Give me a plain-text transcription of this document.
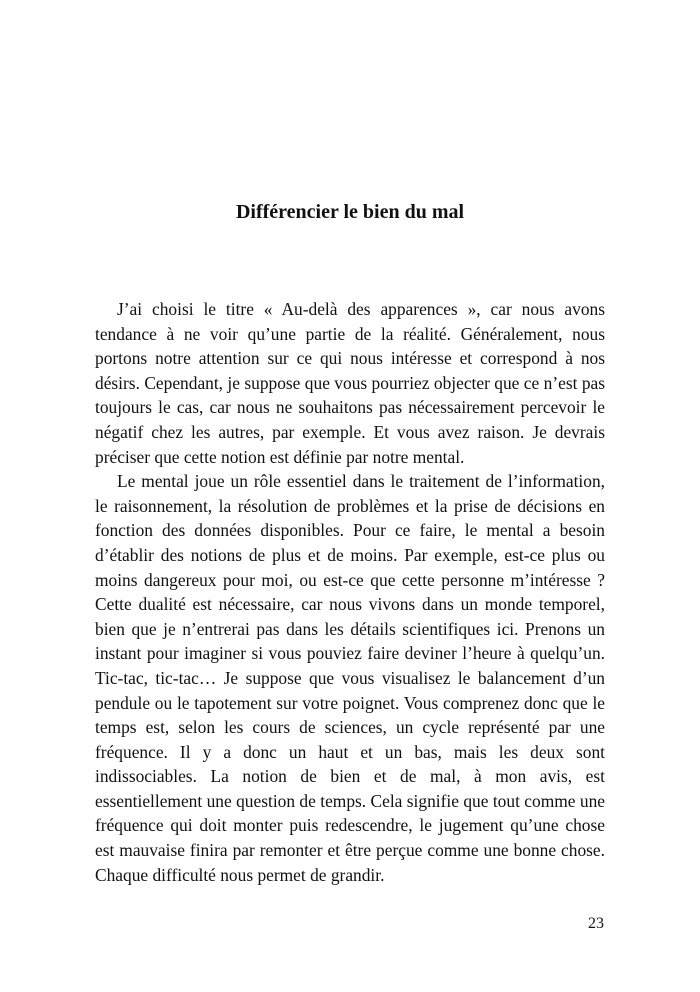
Différencier le bien du mal

J’ai choisi le titre « Au-delà des apparences », car nous avons tendance à ne voir qu’une partie de la réalité. Généralement, nous portons notre attention sur ce qui nous intéresse et correspond à nos désirs. Cependant, je suppose que vous pourriez objecter que ce n’est pas toujours le cas, car nous ne souhaitons pas nécessairement percevoir le négatif chez les autres, par exemple. Et vous avez raison. Je devrais préciser que cette notion est définie par notre mental.

Le mental joue un rôle essentiel dans le traitement de l’information, le raisonnement, la résolution de problèmes et la prise de décisions en fonction des données disponibles. Pour ce faire, le mental a besoin d’établir des notions de plus et de moins. Par exemple, est-ce plus ou moins dangereux pour moi, ou est-ce que cette personne m’intéresse ? Cette dualité est nécessaire, car nous vivons dans un monde temporel, bien que je n’entrerai pas dans les détails scientifiques ici. Prenons un instant pour imaginer si vous pouviez faire deviner l’heure à quelqu’un. Tic-tac, tic-tac… Je suppose que vous visualisez le balancement d’un pendule ou le tapotement sur votre poignet. Vous comprenez donc que le temps est, selon les cours de sciences, un cycle représenté par une fréquence. Il y a donc un haut et un bas, mais les deux sont indissociables. La notion de bien et de mal, à mon avis, est essentiellement une question de temps. Cela signifie que tout comme une fréquence qui doit monter puis redescendre, le jugement qu’une chose est mauvaise finira par remonter et être perçue comme une bonne chose. Chaque difficulté nous permet de grandir.

23
